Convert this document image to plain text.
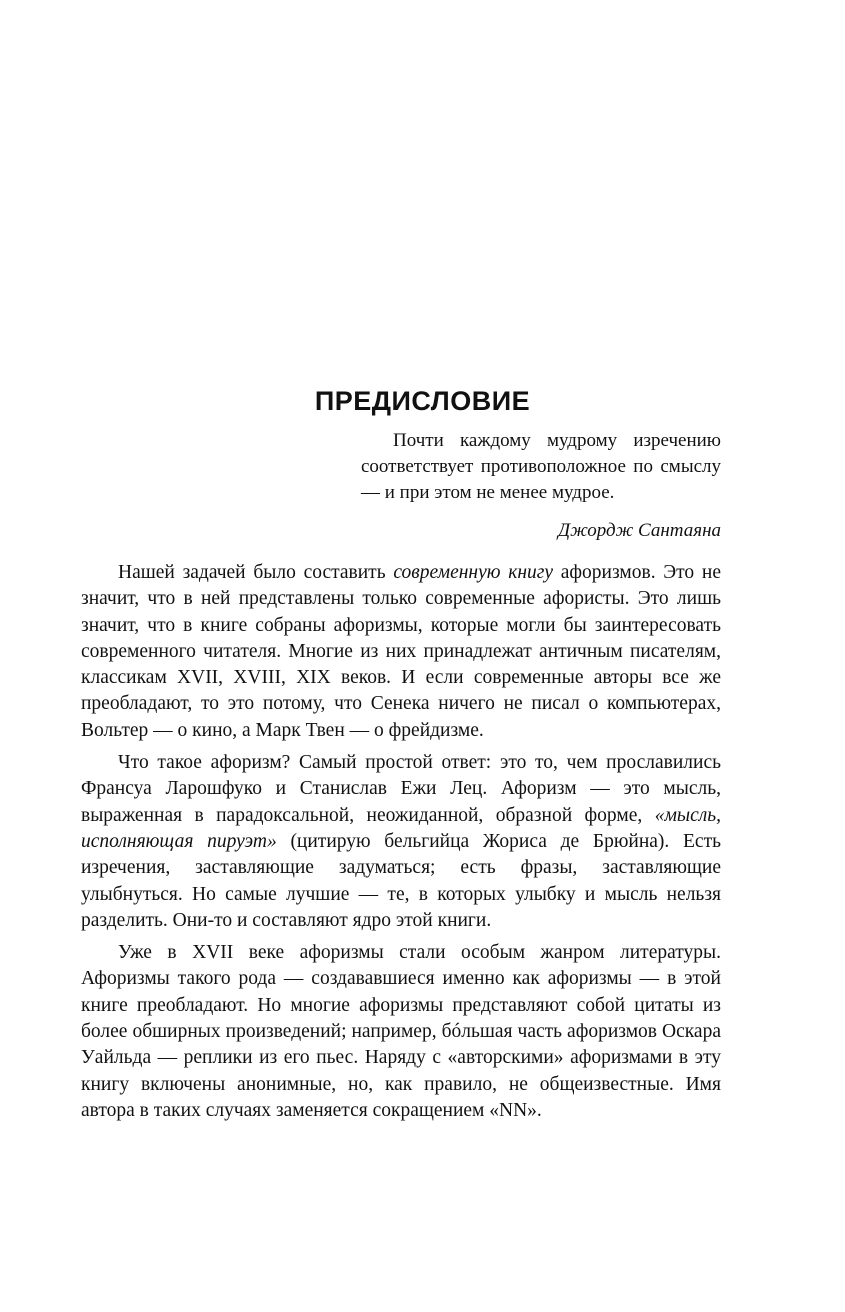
ПРЕДИСЛОВИЕ

Почти каждому мудрому изречению соответствует противоположное по смыслу — и при этом не менее мудрое.

Джордж Сантаяна

Нашей задачей было составить современную книгу афоризмов. Это не значит, что в ней представлены только современные афористы. Это лишь значит, что в книге собраны афоризмы, которые могли бы заинтересовать современного читателя. Многие из них принадлежат античным писателям, классикам XVII, XVIII, XIX веков. И если современные авторы все же преобладают, то это потому, что Сенека ничего не писал о компьютерах, Вольтер — о кино, а Марк Твен — о фрейдизме.

Что такое афоризм? Самый простой ответ: это то, чем прославились Франсуа Ларошфуко и Станислав Ежи Лец. Афоризм — это мысль, выраженная в парадоксальной, неожиданной, образной форме, «мысль, исполняющая пируэт» (цитирую бельгийца Жориса де Брюйна). Есть изречения, заставляющие задуматься; есть фразы, заставляющие улыбнуться. Но самые лучшие — те, в которых улыбку и мысль нельзя разделить. Они-то и составляют ядро этой книги.

Уже в XVII веке афоризмы стали особым жанром литературы. Афоризмы такого рода — создававшиеся именно как афоризмы — в этой книге преобладают. Но многие афоризмы представляют собой цитаты из более обширных произведений; например, бóльшая часть афоризмов Оскара Уайльда — реплики из его пьес. Наряду с «авторскими» афоризмами в эту книгу включены анонимные, но, как правило, не общеизвестные. Имя автора в таких случаях заменяется сокращением «NN».
